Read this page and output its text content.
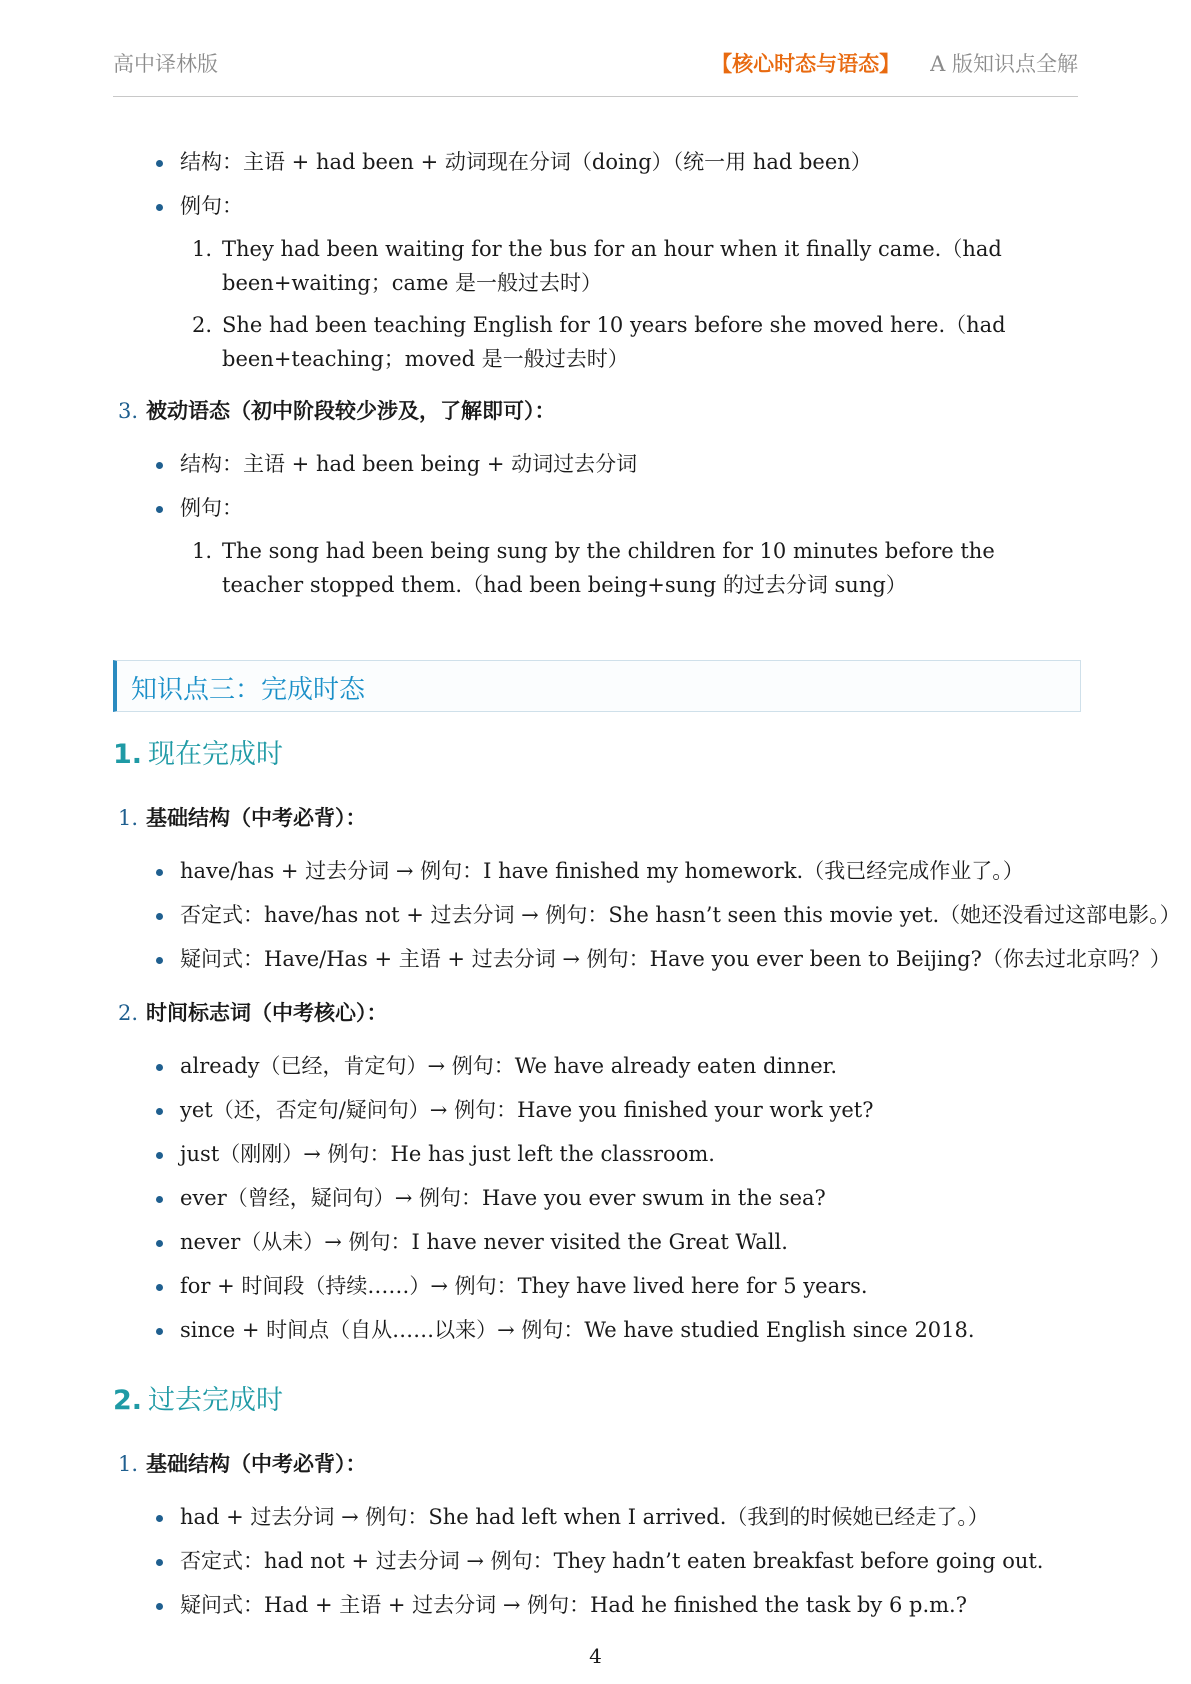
高中译林版	【核心时态与语态】 A 版知识点全解
结构：主语 + had been + 动词现在分词（doing）（统一用 had been）
例句：
1. They had been waiting for the bus for an hour when it finally came.（had been+waiting；came 是一般过去时）
2. She had been teaching English for 10 years before she moved here.（had been+teaching；moved 是一般过去时）
3. 被动语态（初中阶段较少涉及，了解即可）：
结构：主语 + had been being + 动词过去分词
例句：
1. The song had been being sung by the children for 10 minutes before the teacher stopped them.（had been being+sung 的过去分词 sung）
知识点三：完成时态
1. 现在完成时
1. 基础结构（中考必背）：
have/has + 过去分词 → 例句：I have finished my homework.（我已经完成作业了。）
否定式：have/has not + 过去分词 → 例句：She hasn’t seen this movie yet.（她还没看过这部电影。）
疑问式：Have/Has + 主语 + 过去分词 → 例句：Have you ever been to Beijing?（你去过北京吗？）
2. 时间标志词（中考核心）：
already（已经，肯定句）→ 例句：We have already eaten dinner.
yet（还，否定句/疑问句）→ 例句：Have you finished your work yet?
just（刚刚）→ 例句：He has just left the classroom.
ever（曾经，疑问句）→ 例句：Have you ever swum in the sea?
never（从未）→ 例句：I have never visited the Great Wall.
for + 时间段（持续……）→ 例句：They have lived here for 5 years.
since + 时间点（自从……以来）→ 例句：We have studied English since 2018.
2. 过去完成时
1. 基础结构（中考必背）：
had + 过去分词 → 例句：She had left when I arrived.（我到的时候她已经走了。）
否定式：had not + 过去分词 → 例句：They hadn’t eaten breakfast before going out.
疑问式：Had + 主语 + 过去分词 → 例句：Had he finished the task by 6 p.m.?
4
